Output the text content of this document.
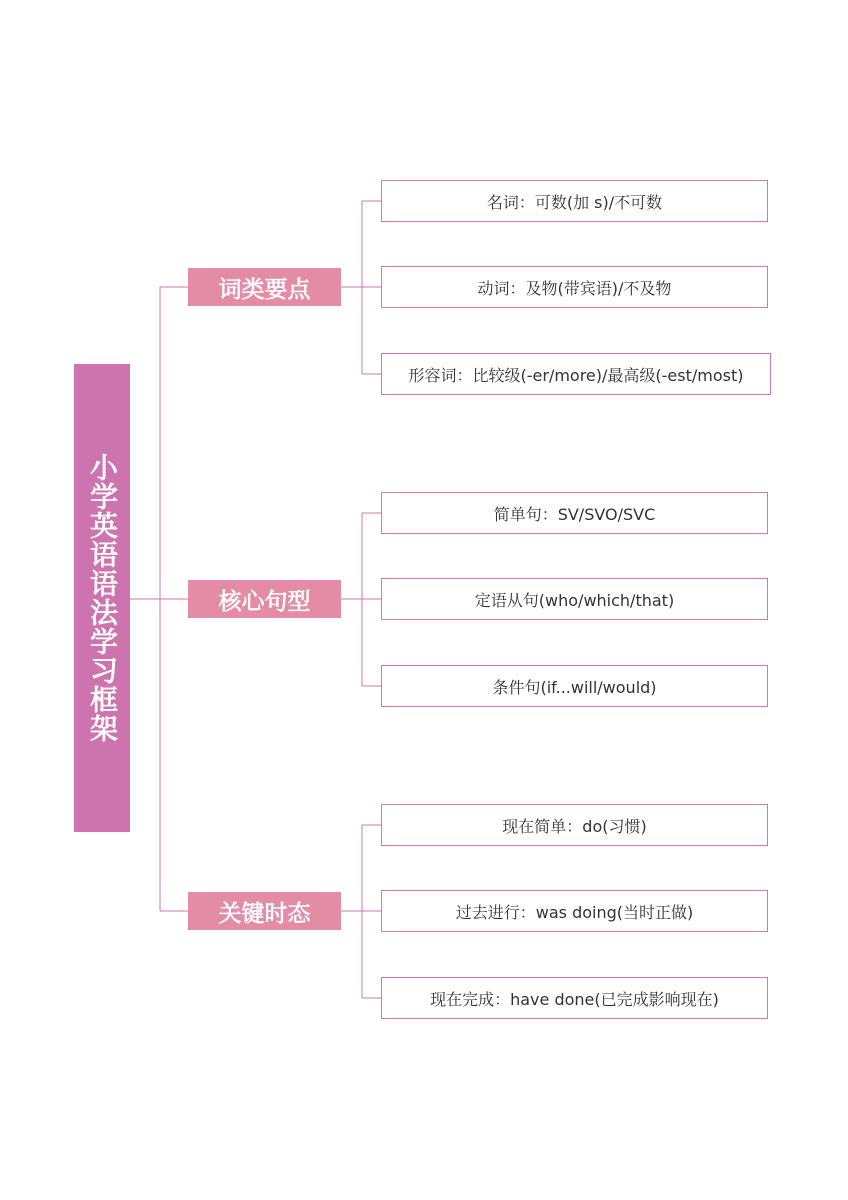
小学英语语法学习框架
词类要点
核心句型
关键时态
名词：可数(加 s)/不可数
动词：及物(带宾语)/不及物
形容词：比较级(-er/more)/最高级(-est/most)
简单句：SV/SVO/SVC
定语从句(who/which/that)
条件句(if...will/would)
现在简单：do(习惯)
过去进行：was doing(当时正做)
现在完成：have done(已完成影响现在)
